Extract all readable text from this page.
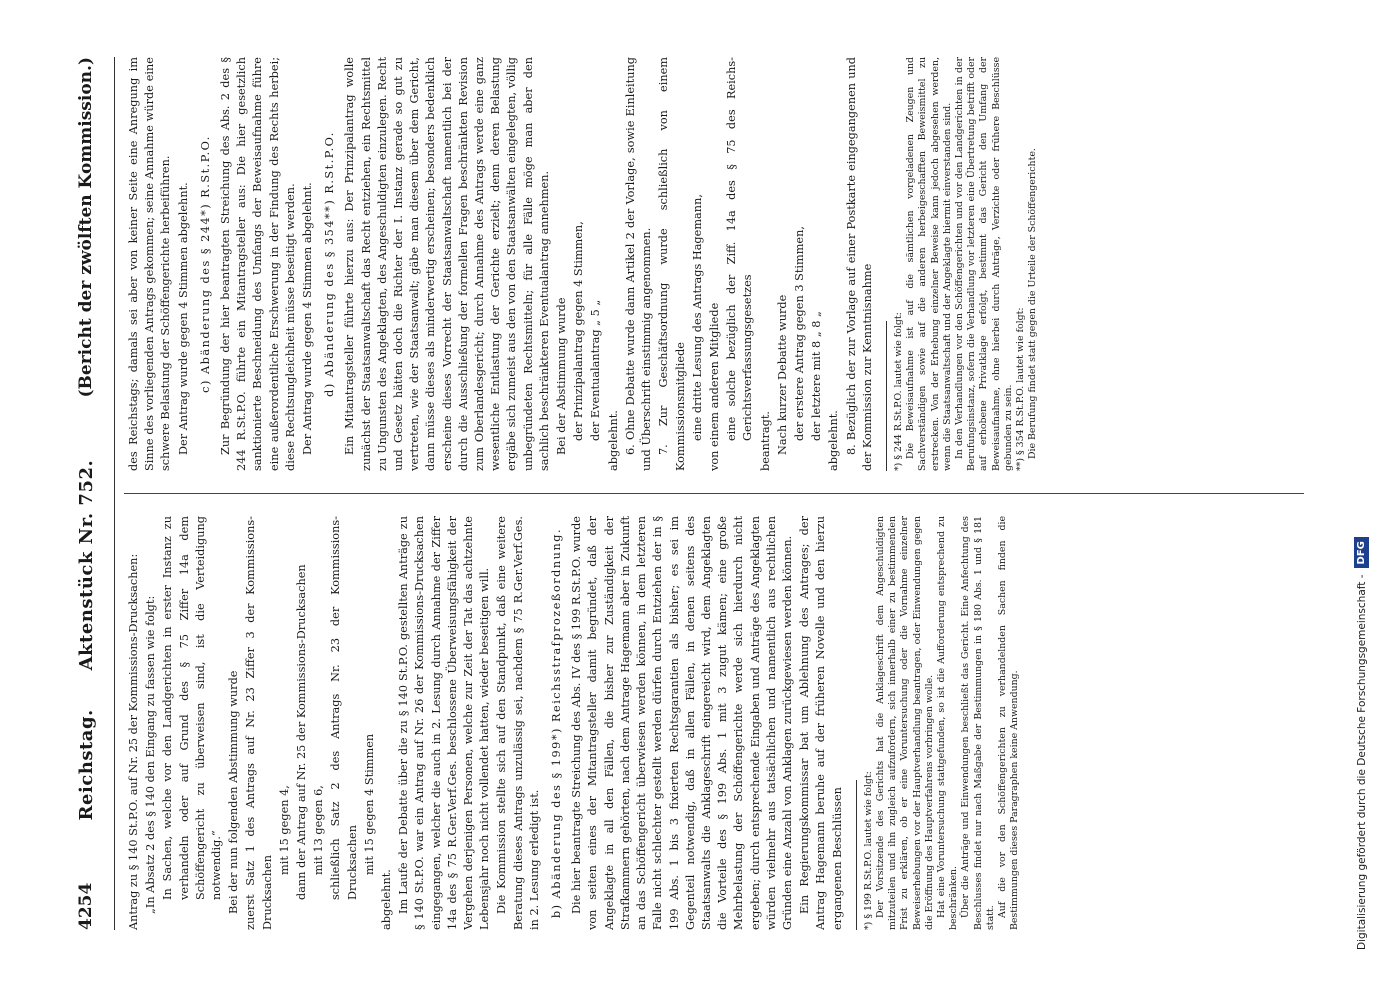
4254
Reichstag. Aktenstück Nr. 752.
(Bericht der zwölften Kommission.)

Antrag zu § 140 St.P.O. auf Nr. 25 der Kommissions-Drucksachen: „In Absatz 2 des § 140 den Eingang zu fassen wie folgt: In Sachen, welche vor den Landgerichten in erster Instanz zu verhandeln oder auf Grund des § 75 Ziffer 14a dem Schöffengericht zu überweisen sind, ist die Verteidigung notwendig.“ Bei der nun folgenden Abstimmung wurde zuerst Satz 1 des Antrags auf Nr. 23 Ziffer 3 der Kommissions-Drucksachen

mit 15 gegen 4, dann der Antrag auf Nr. 25 der Kommissions-Drucksachen mit 13 gegen 6, schließlich Satz 2 des Antrags Nr. 23 der Kommissions-Drucksachen mit 15 gegen 4 Stimmen

abgelehnt. Im Laufe der Debatte über die zu § 140 St.P.O. gestellten Anträge zu § 140 St.P.O. war ein Antrag auf Nr. 26 der Kommissions-Drucksachen eingegangen, welcher die auch in 2. Lesung durch Annahme der Ziffer 14a des § 75 R.Ger.Verf.Ges. beschlossene Überweisungsfähigkeit der Vergehen derjenigen Personen, welche zur Zeit der Tat das achtzehnte Lebensjahr noch nicht vollendet hatten, wieder beseitigen will. Die Kommission stellte sich auf den Standpunkt, daß eine weitere Beratung dieses Antrags unzulässig sei, nachdem § 75 R.Ger.Verf.Ges. in 2. Lesung erledigt ist. b) Abänderung des § 199*) Reichsstrafprozeßordnung. Die hier beantragte Streichung des Abs. IV des § 199 R.St.P.O. wurde von seiten eines der Mitantragsteller damit begründet, daß der Angeklagte in all den Fällen, die bisher zur Zuständigkeit der Strafkammern gehörten, nach dem Antrage Hagemann aber in Zukunft an das Schöffengericht überwiesen werden können, in dem letzteren Falle nicht schlechter gestellt werden dürfen durch Entziehen der in § 199 Abs. 1 bis 3 fixierten Rechtsgarantien als bisher; es sei im Gegenteil notwendig, daß in allen Fällen, in denen seitens des Staatsanwalts die Anklageschrift eingereicht wird, dem Angeklagten die Vorteile des § 199 Abs. 1 mit 3 zugut kämen; eine große Mehrbelastung der Schöffengerichte werde sich hierdurch nicht ergeben; durch entsprechende Eingaben und Anträge des Angeklagten würden vielmehr aus tatsächlichen und namentlich aus rechtlichen Gründen eine Anzahl von Anklagen zurückgewiesen werden können. Ein Regierungskommissar bat um Ablehnung des Antrages; der Antrag Hagemann beruhe auf der früheren Novelle und den hierzu ergangenen Beschlüssen *) § 199 R.St.P.O. lautet wie folgt: Der Vorsitzende des Gerichts hat die Anklageschrift dem Angeschuldigten mitzuteilen und ihn zugleich aufzufordern, sich innerhalb einer zu bestimmenden Frist zu erklären, ob er eine Voruntersuchung oder die Vornahme einzelner Beweiserhebungen vor der Hauptverhandlung beantragen, oder Einwendungen gegen die Eröffnung des Hauptverfahrens vorbringen wolle. Hat eine Voruntersuchung stattgefunden, so ist die Aufforderung entsprechend zu beschränken. Über die Anträge und Einwendungen beschließt das Gericht. Eine Anfechtung des Beschlusses findet nur nach Maßgabe der Bestimmungen in § 180 Abs. 1 und § 181 statt. Auf die vor den Schöffengerichten zu verhandelnden Sachen finden die Bestimmungen dieses Paragraphen keine Anwendung.

des Reichstags; damals sei aber von keiner Seite eine Anregung im Sinne des vorliegenden Antrags gekommen; seine Annahme würde eine schwere Belastung der Schöffengerichte herbeiführen. Der Antrag wurde gegen 4 Stimmen abgelehnt. c) Abänderung des § 244*) R.St.P.O. Zur Begründung der hier beantragten Streichung des Abs. 2 des § 244 R.St.P.O. führte ein Mitantragsteller aus: Die hier gesetzlich sanktionierte Beschneidung des Umfangs der Beweisaufnahme führe eine außerordentliche Erschwerung in der Findung des Rechts herbei; diese Rechtsungleichheit müsse beseitigt werden. Der Antrag wurde gegen 4 Stimmen abgelehnt. d) Abänderung des § 354**) R.St.P.O. Ein Mitantragsteller führte hierzu aus: Der Prinzipalantrag wolle zunächst der Staatsanwaltschaft das Recht entziehen, ein Rechtsmittel zu Ungunsten des Angeklagten, des Angeschuldigten einzulegen. Recht und Gesetz hätten doch die Richter der I. Instanz gerade so gut zu vertreten, wie der Staatsanwalt; gäbe man diesem über dem Gericht, dann müsse dieses als minderwertig erscheinen; besonders bedenklich erscheine dieses Vorrecht der Staatsanwaltschaft namentlich bei der durch die Ausschließung der formellen Fragen beschränkten Revision zum Oberlandesgericht; durch Annahme des Antrags werde eine ganz wesentliche Entlastung der Gerichte erzielt; denn deren Belastung ergäbe sich zumeist aus den von den Staatsanwälten eingelegten, völlig unbegründeten Rechtsmitteln; für alle Fälle möge man aber den sachlich beschränkteren Eventualantrag annehmen. Bei der Abstimmung wurde der Prinzipalantrag gegen 4 Stimmen, der Eventualantrag „ 5 „ abgelehnt. 6. Ohne Debatte wurde dann Artikel 2 der Vorlage, sowie Einleitung und Überschrift einstimmig angenommen. 7. Zur Geschäftsordnung wurde schließlich von einem Kommissionsmitgliede eine dritte Lesung des Antrags Hagemann, von einem anderen Mitgliede eine solche bezüglich der Ziff. 14a des § 75 des Reichs-Gerichtsverfassungsgesetzes

beantragt. Nach kurzer Debatte wurde der erstere Antrag gegen 3 Stimmen, der letztere mit 8 „ 8 „ abgelehnt. 8. Bezüglich der zur Vorlage auf einer Postkarte eingegangenen und der Kommission zur Kenntnisnahme *) § 244 R.St.P.O. lautet wie folgt: Die Beweisaufnahme ist auf die sämtlichen vorgeladenen Zeugen und Sachverständigen sowie auf die anderen herbeigeschafften Beweismittel zu erstrecken. Von der Erhebung einzelner Beweise kann jedoch abgesehen werden, wenn die Staatsanwaltschaft und der Angeklagte hiermit einverstanden sind. In den Verhandlungen vor den Schöffengerichten und vor den Landgerichten in der Berufungsinstanz, sofern die Verhandlung vor letzteren eine Übertretung betrifft oder auf erhobene Privatklage erfolgt, bestimmt das Gericht den Umfang der Beweisaufnahme, ohne hierbei durch Anträge, Verzichte oder frühere Beschlüsse gebunden zu sein. **) § 354 R.St.P.O. lautet wie folgt: Die Berufung findet statt gegen die Urteile der Schöffengerichte.

Digitalisierung gefördert durch die Deutsche Forschungsgemeinschaft -
DFG
